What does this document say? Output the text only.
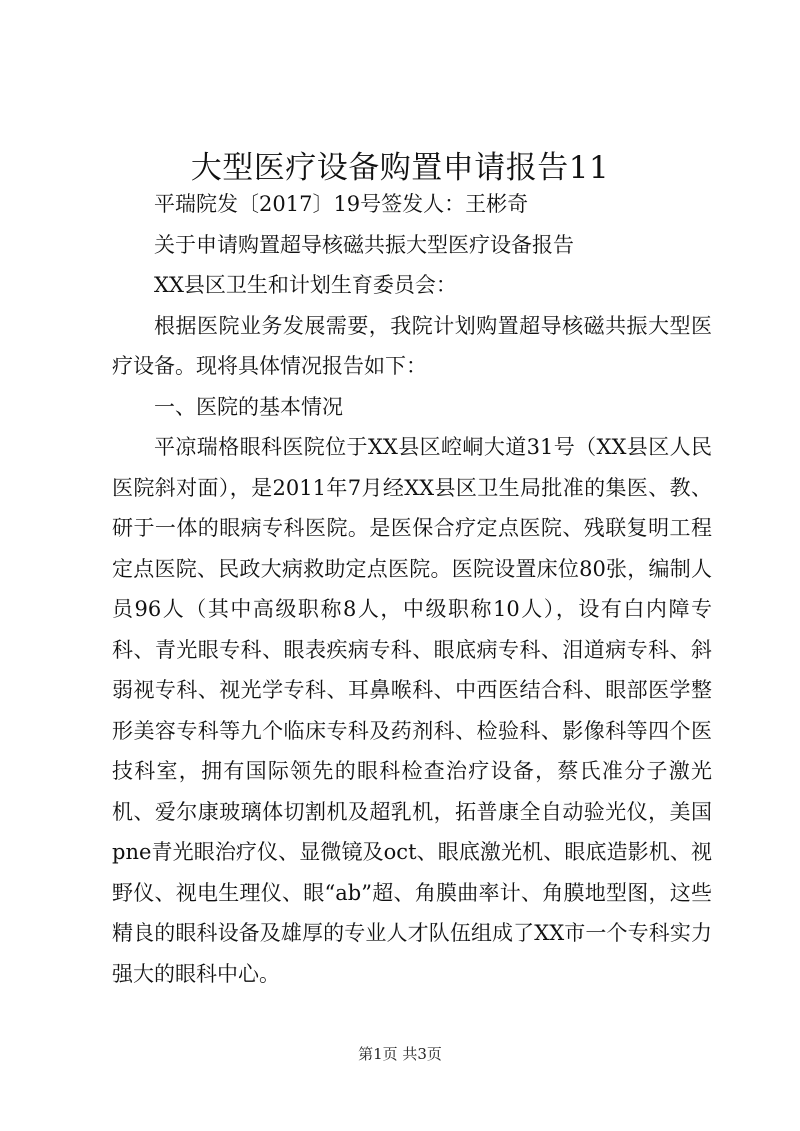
大型医疗设备购置申请报告11

平瑞院发〔2017〕19号签发人：王彬奇

关于申请购置超导核磁共振大型医疗设备报告

XX县区卫生和计划生育委员会：

根据医院业务发展需要，我院计划购置超导核磁共振大型医疗设备。现将具体情况报告如下：

一、医院的基本情况

平凉瑞格眼科医院位于XX县区崆峒大道31号（XX县区人民医院斜对面），是2011年7月经XX县区卫生局批准的集医、教、研于一体的眼病专科医院。是医保合疗定点医院、残联复明工程定点医院、民政大病救助定点医院。医院设置床位80张，编制人员96人（其中高级职称8人，中级职称10人），设有白内障专科、青光眼专科、眼表疾病专科、眼底病专科、泪道病专科、斜弱视专科、视光学专科、耳鼻喉科、中西医结合科、眼部医学整形美容专科等九个临床专科及药剂科、检验科、影像科等四个医技科室，拥有国际领先的眼科检查治疗设备，蔡氏准分子激光机、爱尔康玻璃体切割机及超乳机，拓普康全自动验光仪，美国pne青光眼治疗仪、显微镜及oct、眼底激光机、眼底造影机、视野仪、视电生理仪、眼“ab”超、角膜曲率计、角膜地型图，这些精良的眼科设备及雄厚的专业人才队伍组成了XX市一个专科实力强大的眼科中心。

第1页 共3页
